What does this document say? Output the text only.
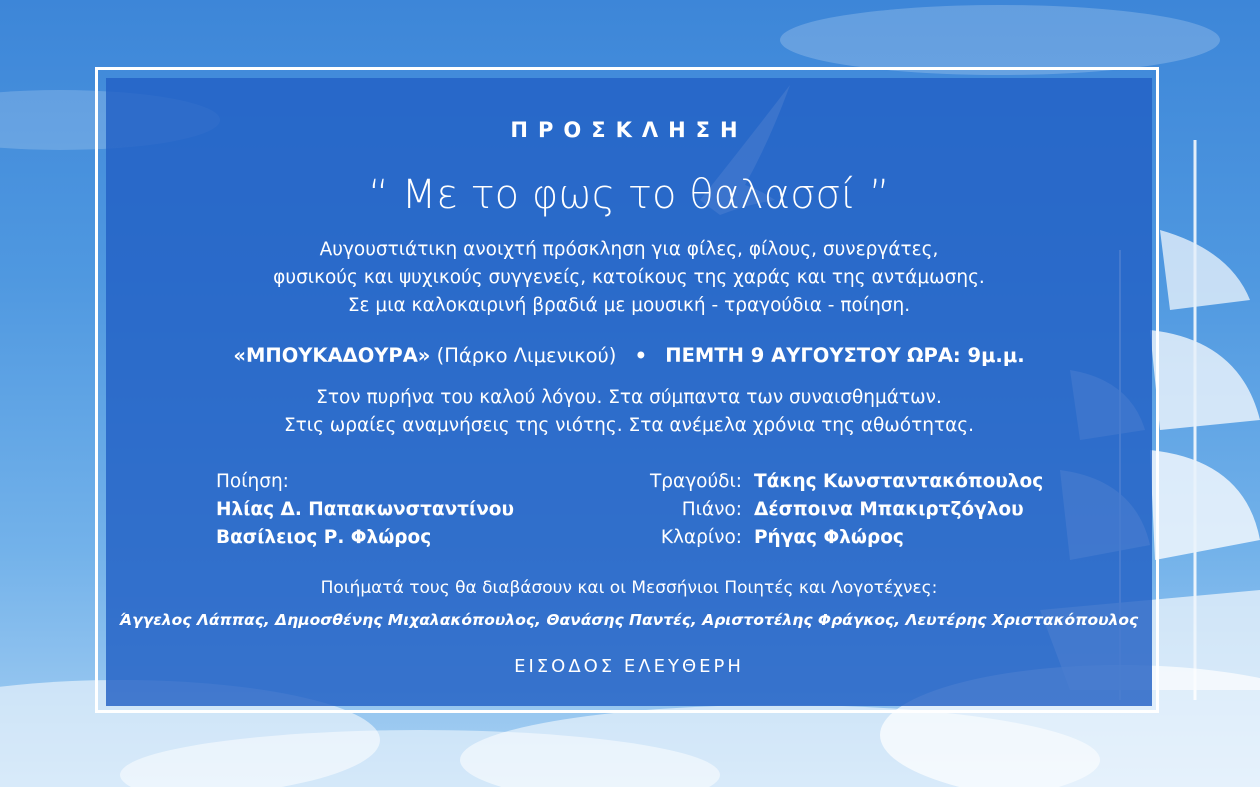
ΠΡΟΣΚΛΗΣΗ
“ Με το φως το θαλασσί ”
Αυγουστιάτικη ανοιχτή πρόσκληση για φίλες, φίλους, συνεργάτες,
φυσικούς και ψυχικούς συγγενείς, κατοίκους της χαράς και της αντάμωσης.
Σε μια καλοκαιρινή βραδιά με μουσική - τραγούδια - ποίηση.
«ΜΠΟΥΚΑΔΟΥΡΑ» (Πάρκο Λιμενικού) • ΠΕΜΤΗ 9 ΑΥΓΟΥΣΤΟΥ ΩΡΑ: 9μ.μ.
Στον πυρήνα του καλού λόγου. Στα σύμπαντα των συναισθημάτων.
Στις ωραίες αναμνήσεις της νιότης. Στα ανέμελα χρόνια της αθωότητας.
Ποίηση:
Ηλίας Δ. Παπακωνσταντίνου
Βασίλειος Ρ. Φλώρος
Τραγούδι: Τάκης Κωνσταντακόπουλος
Πιάνο: Δέσποινα Μπακιρτζόγλου
Κλαρίνο: Ρήγας Φλώρος
Ποιήματά τους θα διαβάσουν και οι Μεσσήνιοι Ποιητές και Λογοτέχνες:
Άγγελος Λάππας, Δημοσθένης Μιχαλακόπουλος, Θανάσης Παντές, Αριστοτέλης Φράγκος, Λευτέρης Χριστακόπουλος
ΕΙΣΟΔΟΣ ΕΛΕΥΘΕΡΗ
